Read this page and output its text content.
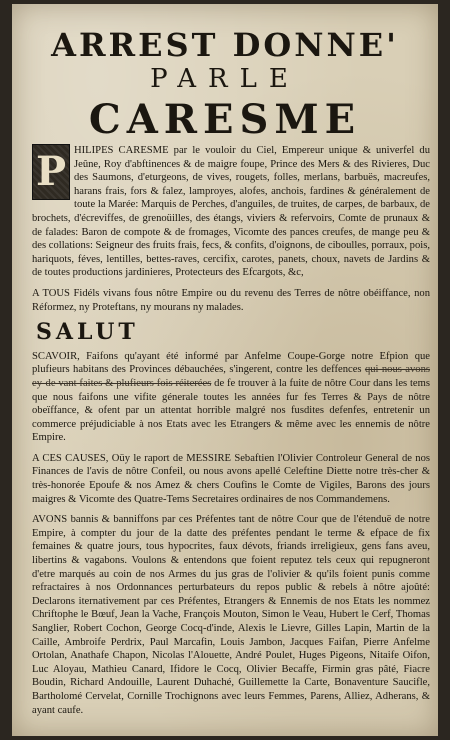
ARREST DONNE'
PARLE
CARESME
P HILIPES CARESME par le vouloir du Ciel, Empereur unique & univerfel du Jeûne, Roy d'abftinences & de maigre foupe, Prince des Mers & des Rivieres, Duc des Saumons, d'eturgeons, de vives, rougets, folles, merlans, barbuës, macreufes, harans frais, fors & falez, lamproyes, alofes, anchois, fardines & généralement de toute la Marée: Marquis de Perches, d'anguiles, de truites, de carpes, de barbaux, de brochets, d'écreviffes, de grenoüilles, des étangs, viviers & refervoirs, Comte de prunaux & de falades: Baron de compote & de fromages, Vicomte des pances creufes, de mange peu & des collations: Seigneur des fruits frais, fecs, & confits, d'oignons, de ciboulles, porraux, pois, hariquots, féves, lentilles, bettes-raves, cercifix, carotes, panets, choux, navets de Jardins & de toutes productions jardinieres, Protecteurs des Efcargots, &c,

A TOUS Fidéls vivans fous nôtre Empire ou du revenu des Terres de nôtre obéiffance, non Réformez, ny Proteftans, ny mourans ny malades.

SALUT

SCAVOIR, Faifons qu'ayant été informé par Anfelme Coupe-Gorge notre Efpion que plufieurs habitans des Provinces débauchées, s'ingerent, contre les deffences qui nous avons ey-de vant faites & plufieurs fois réiterées de fe trouver à la fuite de nôtre Cour dans les tems que nous faifons une vifite génerale toutes les années fur fes Terres & Pays de nôtre obeïffance, & ofent par un attentat horrible malgré nos fusdites defenfes, entretenir un commerce préjudiciable à nos Etats avec les Etrangers & même avec les ennemis de nôtre Empire.

A CES CAUSES, Oüy le raport de MESSIRE Sebaftien l'Olivier Controleur General de nos Finances de l'avis de nôtre Confeil, ou nous avons apellé Celeftine Diette notre très-cher & très-honorée Epoufe & nos Amez & chers Coufins le Comte de Vigiles, Barons des jours maigres & Vicomte des Quatre-Tems Secretaires ordinaires de nos Commandemens.

AVONS bannis & banniffons par ces Préfentes tant de nôtre Cour que de l'étenduë de notre Empire, à compter du jour de la datte des préfentes pendant le terme & efpace de fix femaines & quatre jours, tous hypocrites, faux dévots, friands irreligieux, gens fans aveu, libertins & vagabons. Voulons & entendons que foient reputez tels ceux qui repugneront d'etre marqués au coin de nos Armes du jus gras de l'olivier & qu'ils foient punis comme refractaires à nos Ordonnances perturbateurs du repos public & rebels à nôtre ajoûté: Declarons iternativement par ces Préfentes, Etrangers & Ennemis de nos Etats les nommez Chriftophe le Bœuf, Jean la Vache, François Mouton, Simon le Veau, Hubert le Cerf, Thomas Sanglier, Robert Cochon, George Cocq-d'inde, Alexis le Lievre, Gilles Lapin, Martin de la Caille, Ambroife Perdrix, Paul Marcafin, Louis Jambon, Jacques Faifan, Pierre Anfelme Ortolan, Anathafe Chapon, Nicolas l'Alouette, André Poulet, Huges Pigeons, Nitaife Oifon, Luc Aloyau, Mathieu Canard, Ifidore le Cocq, Olivier Becaffe, Firmin gras pâté, Fiacre Boudin, Richard Andouille, Laurent Duhaché, Guillemette la Carte, Bonaventure Saucifle, Bartholomé Cervelat, Cornille Trochignons avec leurs Femmes, Parens, Alliez, Adherans, & ayant caufe.
